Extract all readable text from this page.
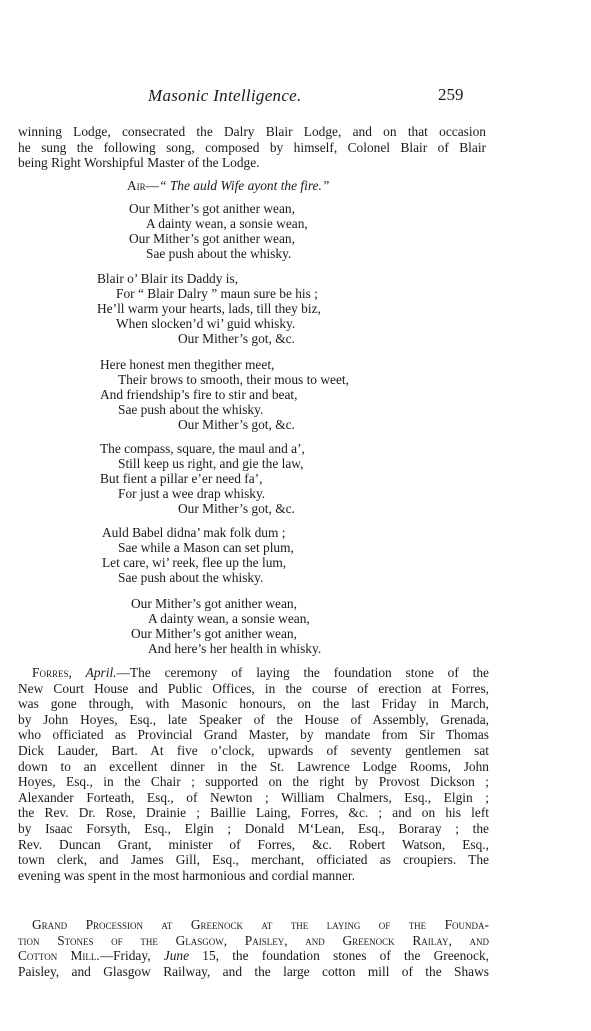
Masonic Intelligence.	259
winning Lodge, consecrated the Dalry Blair Lodge, and on that occasion
he sung the following song, composed by himself, Colonel Blair of Blair
being Right Worshipful Master of the Lodge.
Air—“ The auld Wife ayont the fire.”
Our Mither’s got anither wean,
A dainty wean, a sonsie wean,
Our Mither’s got anither wean,
Sae push about the whisky.
Blair o’ Blair its Daddy is,
For “ Blair Dalry ” maun sure be his ;
He’ll warm your hearts, lads, till they biz,
When slocken’d wi’ guid whisky.
Our Mither’s got, &c.
Here honest men thegither meet,
Their brows to smooth, their mous to weet,
And friendship’s fire to stir and beat,
Sae push about the whisky.
Our Mither’s got, &c.
The compass, square, the maul and a’,
Still keep us right, and gie the law,
But fient a pillar e’er need fa’,
For just a wee drap whisky.
Our Mither’s got, &c.
Auld Babel didna’ mak folk dum ;
Sae while a Mason can set plum,
Let care, wi’ reek, flee up the lum,
Sae push about the whisky.
Our Mither’s got anither wean,
A dainty wean, a sonsie wean,
Our Mither’s got anither wean,
And here’s her health in whisky.
Forres, April.—The ceremony of laying the foundation stone of the
New Court House and Public Offices, in the course of erection at Forres,
was gone through, with Masonic honours, on the last Friday in March,
by John Hoyes, Esq., late Speaker of the House of Assembly, Grenada,
who officiated as Provincial Grand Master, by mandate from Sir Thomas
Dick Lauder, Bart. At five o’clock, upwards of seventy gentlemen sat
down to an excellent dinner in the St. Lawrence Lodge Rooms, John
Hoyes, Esq., in the Chair ; supported on the right by Provost Dickson ;
Alexander Forteath, Esq., of Newton ; William Chalmers, Esq., Elgin ;
the Rev. Dr. Rose, Drainie ; Baillie Laing, Forres, &c. ; and on his left
by Isaac Forsyth, Esq., Elgin ; Donald M‘Lean, Esq., Boraray ; the
Rev. Duncan Grant, minister of Forres, &c. Robert Watson, Esq.,
town clerk, and James Gill, Esq., merchant, officiated as croupiers. The
evening was spent in the most harmonious and cordial manner.
Grand Procession at Greenock at the laying of the Founda-
tion Stones of the Glasgow, Paisley, and Greenock Railay, and
Cotton Mill.—Friday, June 15, the foundation stones of the Greenock,
Paisley, and Glasgow Railway, and the large cotton mill of the Shaws
